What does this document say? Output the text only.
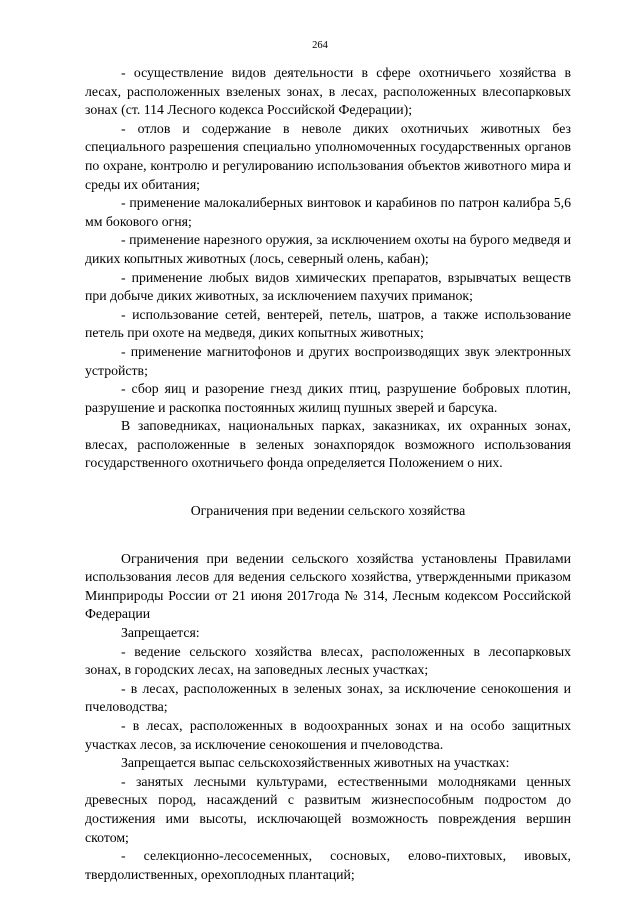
264

- осуществление видов деятельности в сфере охотничьего хозяйства в лесах, расположенных взеленых зонах, в лесах, расположенных влесопарковых зонах (ст. 114 Лесного кодекса Российской Федерации);

- отлов и содержание в неволе диких охотничьих животных без специального разрешения специально уполномоченных государственных органов по охране, контролю и регулированию использования объектов животного мира и среды их обитания;

- применение малокалиберных винтовок и карабинов по патрон калибра 5,6 мм бокового огня;

- применение нарезного оружия, за исключением охоты на бурого медведя и диких копытных животных (лось, северный олень, кабан);

- применение любых видов химических препаратов, взрывчатых веществ при добыче диких животных, за исключением пахучих приманок;

- использование сетей, вентерей, петель, шатров, а также использование петель при охоте на медведя, диких копытных животных;

- применение магнитофонов и других воспроизводящих звук электронных устройств;

- сбор яиц и разорение гнезд диких птиц, разрушение бобровых плотин, разрушение и раскопка постоянных жилищ пушных зверей и барсука.

В заповедниках, национальных парках, заказниках, их охранных зонах, влесах, расположенные в зеленых зонахпорядок возможного использования государственного охотничьего фонда определяется Положением о них.

Ограничения при ведении сельского хозяйства

Ограничения при ведении сельского хозяйства установлены Правилами использования лесов для ведения сельского хозяйства, утвержденными приказом Минприроды России от 21 июня 2017года № 314, Лесным кодексом Российской Федерации

Запрещается:

- ведение сельского хозяйства влесах, расположенных в лесопарковых зонах, в городских лесах, на заповедных лесных участках;

- в лесах, расположенных в зеленых зонах, за исключение сенокошения и пчеловодства;

- в лесах, расположенных в водоохранных зонах и на особо защитных участках лесов, за исключение сенокошения и пчеловодства.

Запрещается выпас сельскохозяйственных животных на участках:

- занятых лесными культурами, естественными молодняками ценных древесных пород, насаждений с развитым жизнеспособным подростом до достижения ими высоты, исключающей возможность повреждения вершин скотом;

- селекционно-лесосеменных, сосновых, елово-пихтовых, ивовых, твердолиственных, орехоплодных плантаций;
